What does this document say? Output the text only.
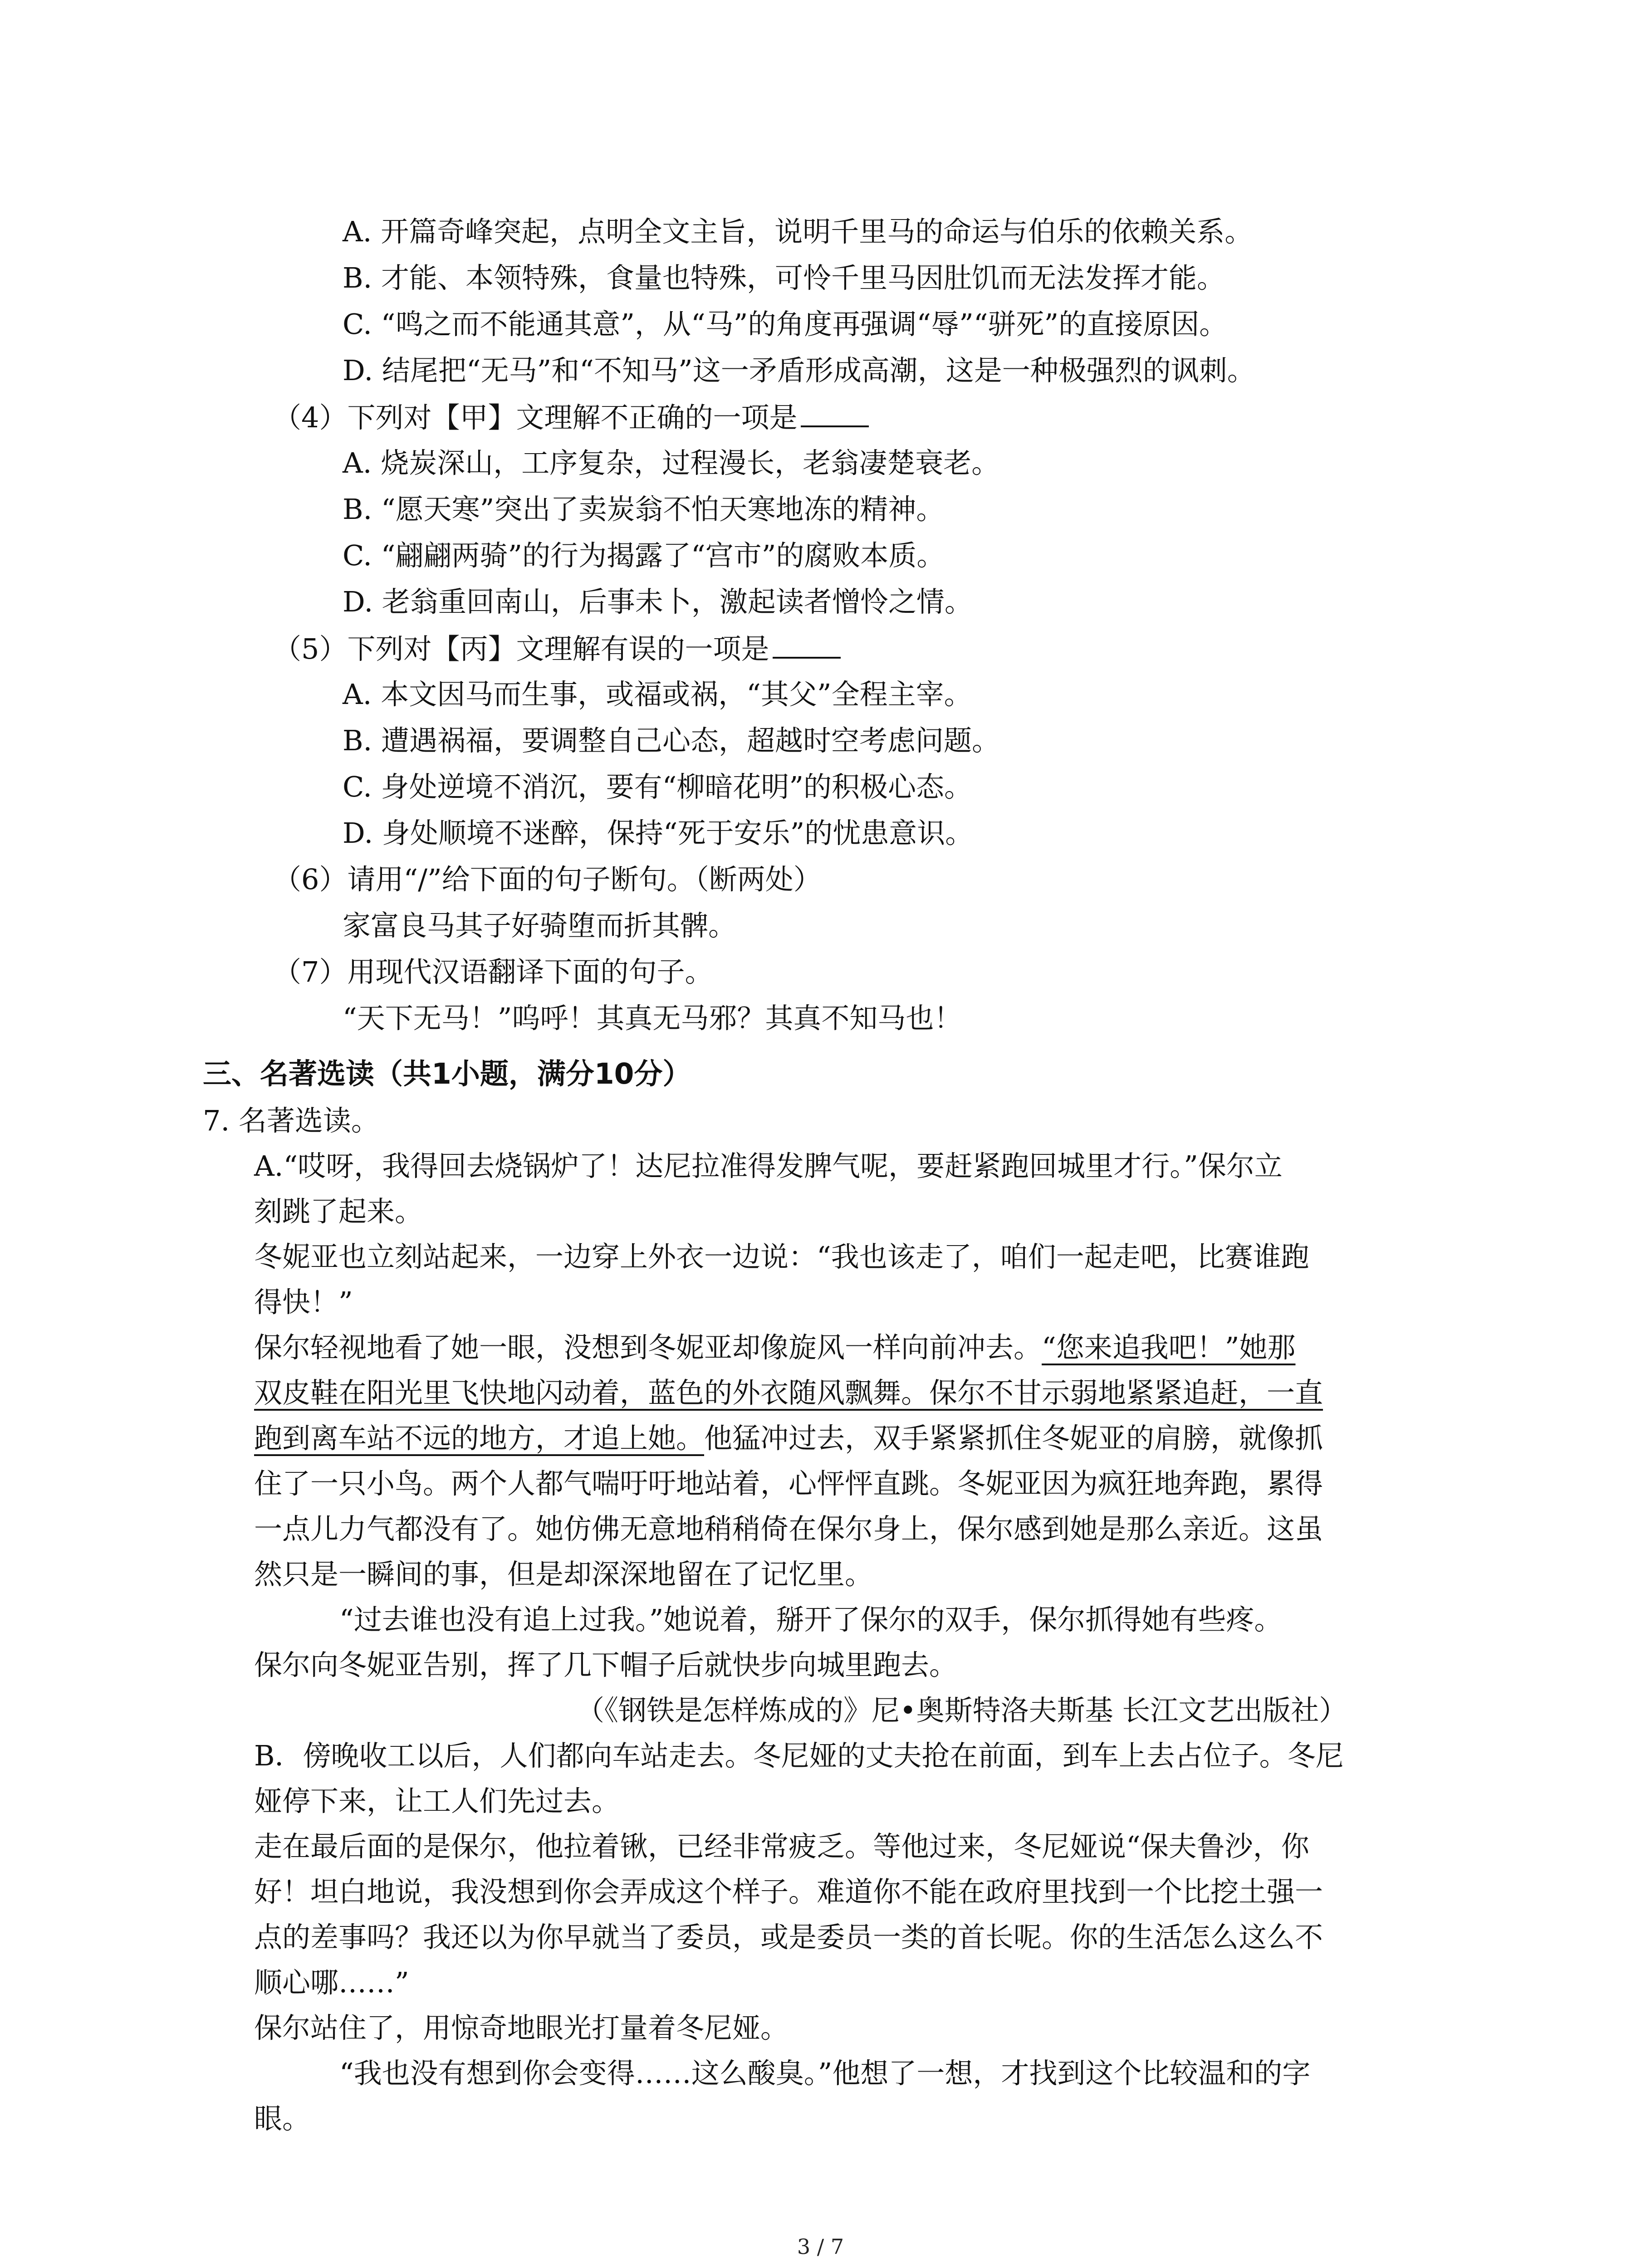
A. 开篇奇峰突起，点明全文主旨，说明千里马的命运与伯乐的依赖关系。
B. 才能、本领特殊，食量也特殊，可怜千里马因肚饥而无法发挥才能。
C. “鸣之而不能通其意”，从“马”的角度再强调“辱”“骈死”的直接原因。
D. 结尾把“无马”和“不知马”这一矛盾形成高潮，这是一种极强烈的讽刺。
（4）下列对【甲】文理解不正确的一项是
A. 烧炭深山，工序复杂，过程漫长，老翁凄楚衰老。
B. “愿天寒”突出了卖炭翁不怕天寒地冻的精神。
C. “翩翩两骑”的行为揭露了“宫市”的腐败本质。
D. 老翁重回南山，后事未卜，激起读者憎怜之情。
（5）下列对【丙】文理解有误的一项是
A. 本文因马而生事，或福或祸，“其父”全程主宰。
B. 遭遇祸福，要调整自己心态，超越时空考虑问题。
C. 身处逆境不消沉，要有“柳暗花明”的积极心态。
D. 身处顺境不迷醉，保持“死于安乐”的忧患意识。
（6）请用“/”给下面的句子断句。（断两处）
家富良马其子好骑堕而折其髀。
（7）用现代汉语翻译下面的句子。
“天下无马！”呜呼！其真无马邪？其真不知马也！
三、名著选读（共1小题，满分10分）
7. 名著选读。
A.“哎呀，我得回去烧锅炉了！达尼拉准得发脾气呢，要赶紧跑回城里才行。”保尔立
刻跳了起来。
冬妮亚也立刻站起来，一边穿上外衣一边说：“我也该走了，咱们一起走吧，比赛谁跑
得快！”
保尔轻视地看了她一眼，没想到冬妮亚却像旋风一样向前冲去。“您来追我吧！”她那
双皮鞋在阳光里飞快地闪动着，蓝色的外衣随风飘舞。保尔不甘示弱地紧紧追赶，一直
跑到离车站不远的地方，才追上她。他猛冲过去，双手紧紧抓住冬妮亚的肩膀，就像抓
住了一只小鸟。两个人都气喘吁吁地站着，心怦怦直跳。冬妮亚因为疯狂地奔跑，累得
一点儿力气都没有了。她仿佛无意地稍稍倚在保尔身上，保尔感到她是那么亲近。这虽
然只是一瞬间的事，但是却深深地留在了记忆里。
“过去谁也没有追上过我。”她说着，掰开了保尔的双手，保尔抓得她有些疼。
保尔向冬妮亚告别，挥了几下帽子后就快步向城里跑去。
（《钢铁是怎样炼成的》尼•奥斯特洛夫斯基 长江文艺出版社）
B．傍晚收工以后，人们都向车站走去。冬尼娅的丈夫抢在前面，到车上去占位子。冬尼
娅停下来，让工人们先过去。
走在最后面的是保尔，他拉着锹，已经非常疲乏。等他过来，冬尼娅说“保夫鲁沙，你
好！坦白地说，我没想到你会弄成这个样子。难道你不能在政府里找到一个比挖土强一
点的差事吗？我还以为你早就当了委员，或是委员一类的首长呢。你的生活怎么这么不
顺心哪……”
保尔站住了，用惊奇地眼光打量着冬尼娅。
“我也没有想到你会变得……这么酸臭。”他想了一想，才找到这个比较温和的字
眼。
3 / 7
